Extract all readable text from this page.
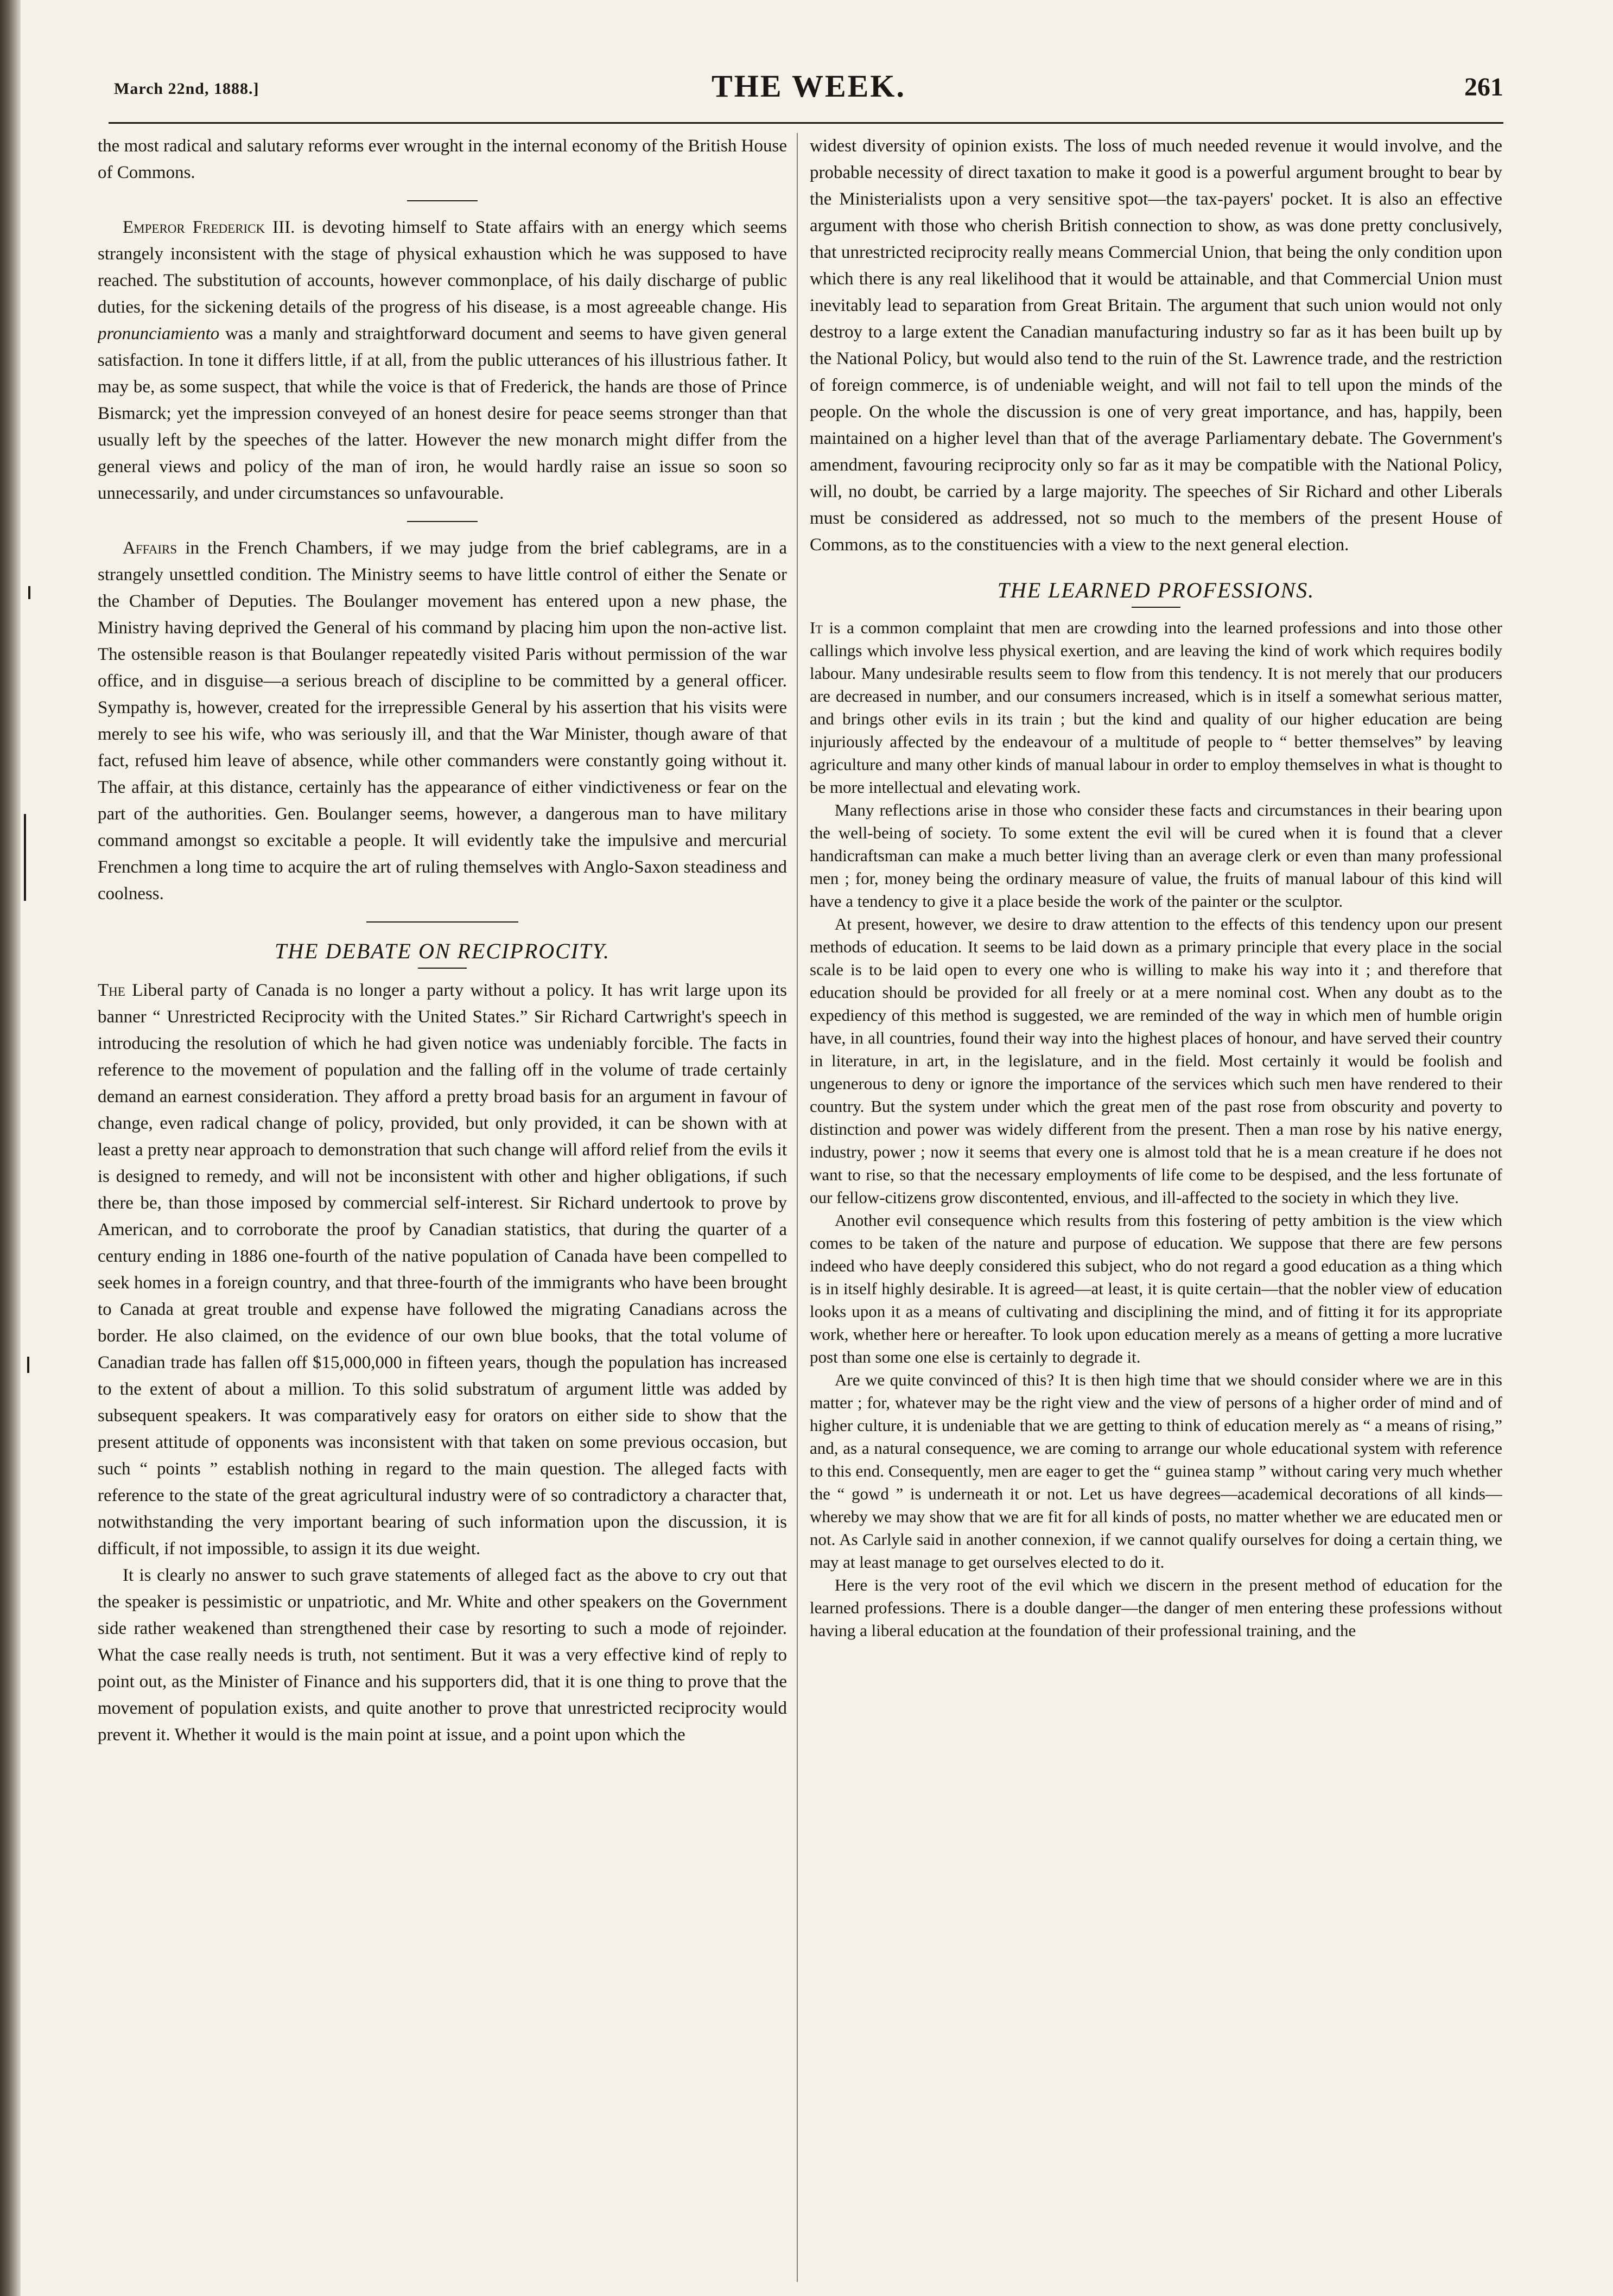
March 22nd, 1888.]	THE WEEK.	261

the most radical and salutary reforms ever wrought in the internal economy of the British House of Commons.

Emperor Frederick III. is devoting himself to State affairs with an energy which seems strangely inconsistent with the stage of physical exhaustion which he was supposed to have reached. The substitution of accounts, however commonplace, of his daily discharge of public duties, for the sickening details of the progress of his disease, is a most agreeable change. His pronunciamiento was a manly and straightforward document and seems to have given general satisfaction. In tone it differs little, if at all, from the public utterances of his illustrious father. It may be, as some suspect, that while the voice is that of Frederick, the hands are those of Prince Bismarck; yet the impression conveyed of an honest desire for peace seems stronger than that usually left by the speeches of the latter. However the new monarch might differ from the general views and policy of the man of iron, he would hardly raise an issue so soon so unnecessarily, and under circumstances so unfavourable.

Affairs in the French Chambers, if we may judge from the brief cablegrams, are in a strangely unsettled condition. The Ministry seems to have little control of either the Senate or the Chamber of Deputies. The Boulanger movement has entered upon a new phase, the Ministry having deprived the General of his command by placing him upon the non-active list. The ostensible reason is that Boulanger repeatedly visited Paris without permission of the war office, and in disguise—a serious breach of discipline to be committed by a general officer. Sympathy is, however, created for the irrepressible General by his assertion that his visits were merely to see his wife, who was seriously ill, and that the War Minister, though aware of that fact, refused him leave of absence, while other commanders were constantly going without it. The affair, at this distance, certainly has the appearance of either vindictiveness or fear on the part of the authorities. Gen. Boulanger seems, however, a dangerous man to have military command amongst so excitable a people. It will evidently take the impulsive and mercurial Frenchmen a long time to acquire the art of ruling themselves with Anglo-Saxon steadiness and coolness.

THE DEBATE ON RECIPROCITY.

The Liberal party of Canada is no longer a party without a policy. It has writ large upon its banner “ Unrestricted Reciprocity with the United States.” Sir Richard Cartwright's speech in introducing the resolution of which he had given notice was undeniably forcible. The facts in reference to the movement of population and the falling off in the volume of trade certainly demand an earnest consideration. They afford a pretty broad basis for an argument in favour of change, even radical change of policy, provided, but only provided, it can be shown with at least a pretty near approach to demonstration that such change will afford relief from the evils it is designed to remedy, and will not be inconsistent with other and higher obligations, if such there be, than those imposed by commercial self-interest. Sir Richard undertook to prove by American, and to corroborate the proof by Canadian statistics, that during the quarter of a century ending in 1886 one-fourth of the native population of Canada have been compelled to seek homes in a foreign country, and that three-fourth of the immigrants who have been brought to Canada at great trouble and expense have followed the migrating Canadians across the border. He also claimed, on the evidence of our own blue books, that the total volume of Canadian trade has fallen off $15,000,000 in fifteen years, though the population has increased to the extent of about a million. To this solid substratum of argument little was added by subsequent speakers. It was comparatively easy for orators on either side to show that the present attitude of opponents was inconsistent with that taken on some previous occasion, but such “ points ” establish nothing in regard to the main question. The alleged facts with reference to the state of the great agricultural industry were of so contradictory a character that, notwithstanding the very important bearing of such information upon the discussion, it is difficult, if not impossible, to assign it its due weight.

It is clearly no answer to such grave statements of alleged fact as the above to cry out that the speaker is pessimistic or unpatriotic, and Mr. White and other speakers on the Government side rather weakened than strengthened their case by resorting to such a mode of rejoinder. What the case really needs is truth, not sentiment. But it was a very effective kind of reply to point out, as the Minister of Finance and his supporters did, that it is one thing to prove that the movement of population exists, and quite another to prove that unrestricted reciprocity would prevent it. Whether it would is the main point at issue, and a point upon which the

widest diversity of opinion exists. The loss of much needed revenue it would involve, and the probable necessity of direct taxation to make it good is a powerful argument brought to bear by the Ministerialists upon a very sensitive spot—the tax-payers' pocket. It is also an effective argument with those who cherish British connection to show, as was done pretty conclusively, that unrestricted reciprocity really means Commercial Union, that being the only condition upon which there is any real likelihood that it would be attainable, and that Commercial Union must inevitably lead to separation from Great Britain. The argument that such union would not only destroy to a large extent the Canadian manufacturing industry so far as it has been built up by the National Policy, but would also tend to the ruin of the St. Lawrence trade, and the restriction of foreign commerce, is of undeniable weight, and will not fail to tell upon the minds of the people. On the whole the discussion is one of very great importance, and has, happily, been maintained on a higher level than that of the average Parliamentary debate. The Government's amendment, favouring reciprocity only so far as it may be compatible with the National Policy, will, no doubt, be carried by a large majority. The speeches of Sir Richard and other Liberals must be considered as addressed, not so much to the members of the present House of Commons, as to the constituencies with a view to the next general election.

THE LEARNED PROFESSIONS.

It is a common complaint that men are crowding into the learned professions and into those other callings which involve less physical exertion, and are leaving the kind of work which requires bodily labour. Many undesirable results seem to flow from this tendency. It is not merely that our producers are decreased in number, and our consumers increased, which is in itself a somewhat serious matter, and brings other evils in its train ; but the kind and quality of our higher education are being injuriously affected by the endeavour of a multitude of people to “ better themselves” by leaving agriculture and many other kinds of manual labour in order to employ themselves in what is thought to be more intellectual and elevating work.

Many reflections arise in those who consider these facts and circumstances in their bearing upon the well-being of society. To some extent the evil will be cured when it is found that a clever handicraftsman can make a much better living than an average clerk or even than many professional men ; for, money being the ordinary measure of value, the fruits of manual labour of this kind will have a tendency to give it a place beside the work of the painter or the sculptor.

At present, however, we desire to draw attention to the effects of this tendency upon our present methods of education. It seems to be laid down as a primary principle that every place in the social scale is to be laid open to every one who is willing to make his way into it ; and therefore that education should be provided for all freely or at a mere nominal cost. When any doubt as to the expediency of this method is suggested, we are reminded of the way in which men of humble origin have, in all countries, found their way into the highest places of honour, and have served their country in literature, in art, in the legislature, and in the field. Most certainly it would be foolish and ungenerous to deny or ignore the importance of the services which such men have rendered to their country. But the system under which the great men of the past rose from obscurity and poverty to distinction and power was widely different from the present. Then a man rose by his native energy, industry, power ; now it seems that every one is almost told that he is a mean creature if he does not want to rise, so that the necessary employments of life come to be despised, and the less fortunate of our fellow-citizens grow discontented, envious, and ill-affected to the society in which they live.

Another evil consequence which results from this fostering of petty ambition is the view which comes to be taken of the nature and purpose of education. We suppose that there are few persons indeed who have deeply considered this subject, who do not regard a good education as a thing which is in itself highly desirable. It is agreed—at least, it is quite certain—that the nobler view of education looks upon it as a means of cultivating and disciplining the mind, and of fitting it for its appropriate work, whether here or hereafter. To look upon education merely as a means of getting a more lucrative post than some one else is certainly to degrade it.

Are we quite convinced of this? It is then high time that we should consider where we are in this matter ; for, whatever may be the right view and the view of persons of a higher order of mind and of higher culture, it is undeniable that we are getting to think of education merely as “ a means of rising,” and, as a natural consequence, we are coming to arrange our whole educational system with reference to this end. Consequently, men are eager to get the “ guinea stamp ” without caring very much whether the “ gowd ” is underneath it or not. Let us have degrees—academical decorations of all kinds—whereby we may show that we are fit for all kinds of posts, no matter whether we are educated men or not. As Carlyle said in another connexion, if we cannot qualify ourselves for doing a certain thing, we may at least manage to get ourselves elected to do it.

Here is the very root of the evil which we discern in the present method of education for the learned professions. There is a double danger—the danger of men entering these professions without having a liberal education at the foundation of their professional training, and the
